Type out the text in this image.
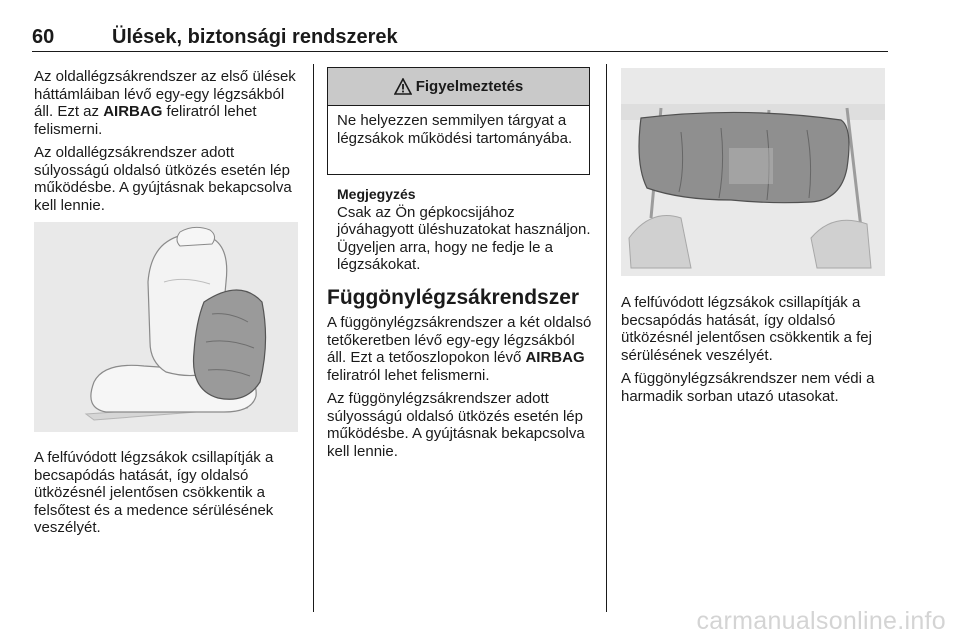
60	Ülések, biztonsági rendszerek

Az oldallégzsákrendszer az első ülések háttámláiban lévő egy-egy légzsákból áll. Ezt az AIRBAG feliratról lehet felismerni.

Az oldallégzsákrendszer adott súlyosságú oldalsó ütközés esetén lép működésbe. A gyújtásnak bekapcsolva kell lennie.

A felfúvódott légzsákok csillapítják a becsapódás hatását, így oldalsó ütközésnél jelentősen csökkentik a felsőtest és a medence sérülésének veszélyét.

Figyelmeztetés
Ne helyezzen semmilyen tárgyat a légzsákok működési tartományába.
Megjegyzés

Csak az Ön gépkocsijához jóváhagyott üléshuzatokat használjon. Ügyeljen arra, hogy ne fedje le a légzsákokat.

Függönylégzsákrendszer

A függönylégzsákrendszer a két oldalsó tetőkeretben lévő egy-egy légzsákból áll. Ezt a tetőoszlopokon lévő AIRBAG feliratról lehet felismerni.

Az függönylégzsákrendszer adott súlyosságú oldalsó ütközés esetén lép működésbe. A gyújtásnak bekapcsolva kell lennie.

A felfúvódott légzsákok csillapítják a becsapódás hatását, így oldalsó ütközésnél jelentősen csökkentik a fej sérülésének veszélyét.

A függönylégzsákrendszer nem védi a harmadik sorban utazó utasokat.

carmanualsonline.info
